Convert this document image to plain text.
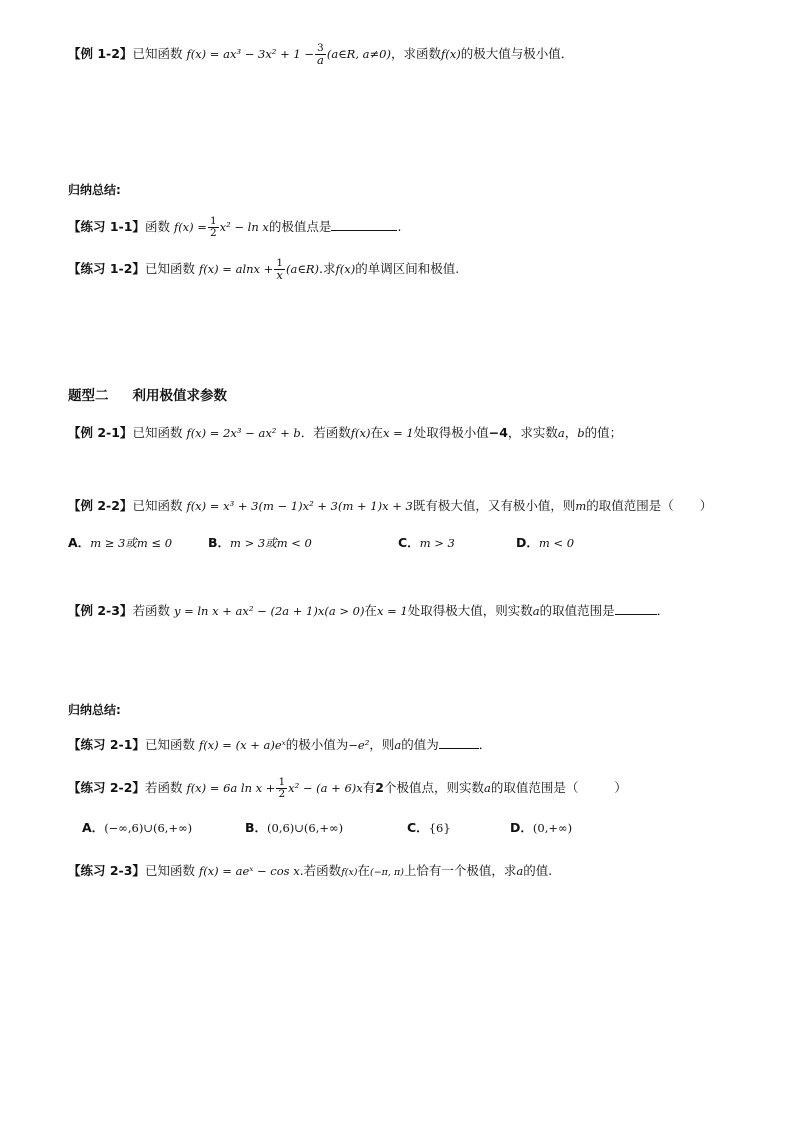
【例 1-2】已知函数 $f(x) = ax^3 - 3x^2 + 1 - \frac{3}{a}$ (a∈R, a≠0)，求函数f(x)的极大值与极小值．
归纳总结:
【练习 1-1】函数 $f(x) = \frac{1}{2} x^2 - \ln x$的极值点是	.
【练习 1-2】已知函数 $f(x) = alnx + \frac{1}{x}$ (a∈R).求f(x)的单调区间和极值.
题型二 利用极值求参数
【例 2-1】已知函数 f(x) = 2x³ − ax² + b．若函数f(x)在x = 1处取得极小值−4，求实数a，b的值；
【例 2-2】已知函数 f(x) = x³ + 3(m − 1)x² + 3(m + 1)x + 3既有极大值，又有极小值，则m的取值范围是（ ）
A．m ≥ 3或m ≤ 0	B．m > 3或m < 0	C．m > 3	D．m < 0
【例 2-3】若函数 y = ln x + ax² − (2a + 1)x(a > 0)在x = 1处取得极大值，则实数a的取值范围是	．
归纳总结:
【练习 2-1】已知函数 f(x) = (x + a)eˣ的极小值为−e²，则a的值为	．
【练习 2-2】若函数 f(x) = 6a $\ln x + \frac{1}{2} x^2 - (a + 6)x$有2个极值点，则实数a的取值范围是（	）
A．(−∞,6)∪(6,+∞)	B．(0,6)∪(6,+∞)	C．{6}	D．(0,+∞)
【练习 2-3】已知函数 f(x) = aeˣ − cos x.若函数f(x)在(−π, π)上恰有一个极值，求a的值.
